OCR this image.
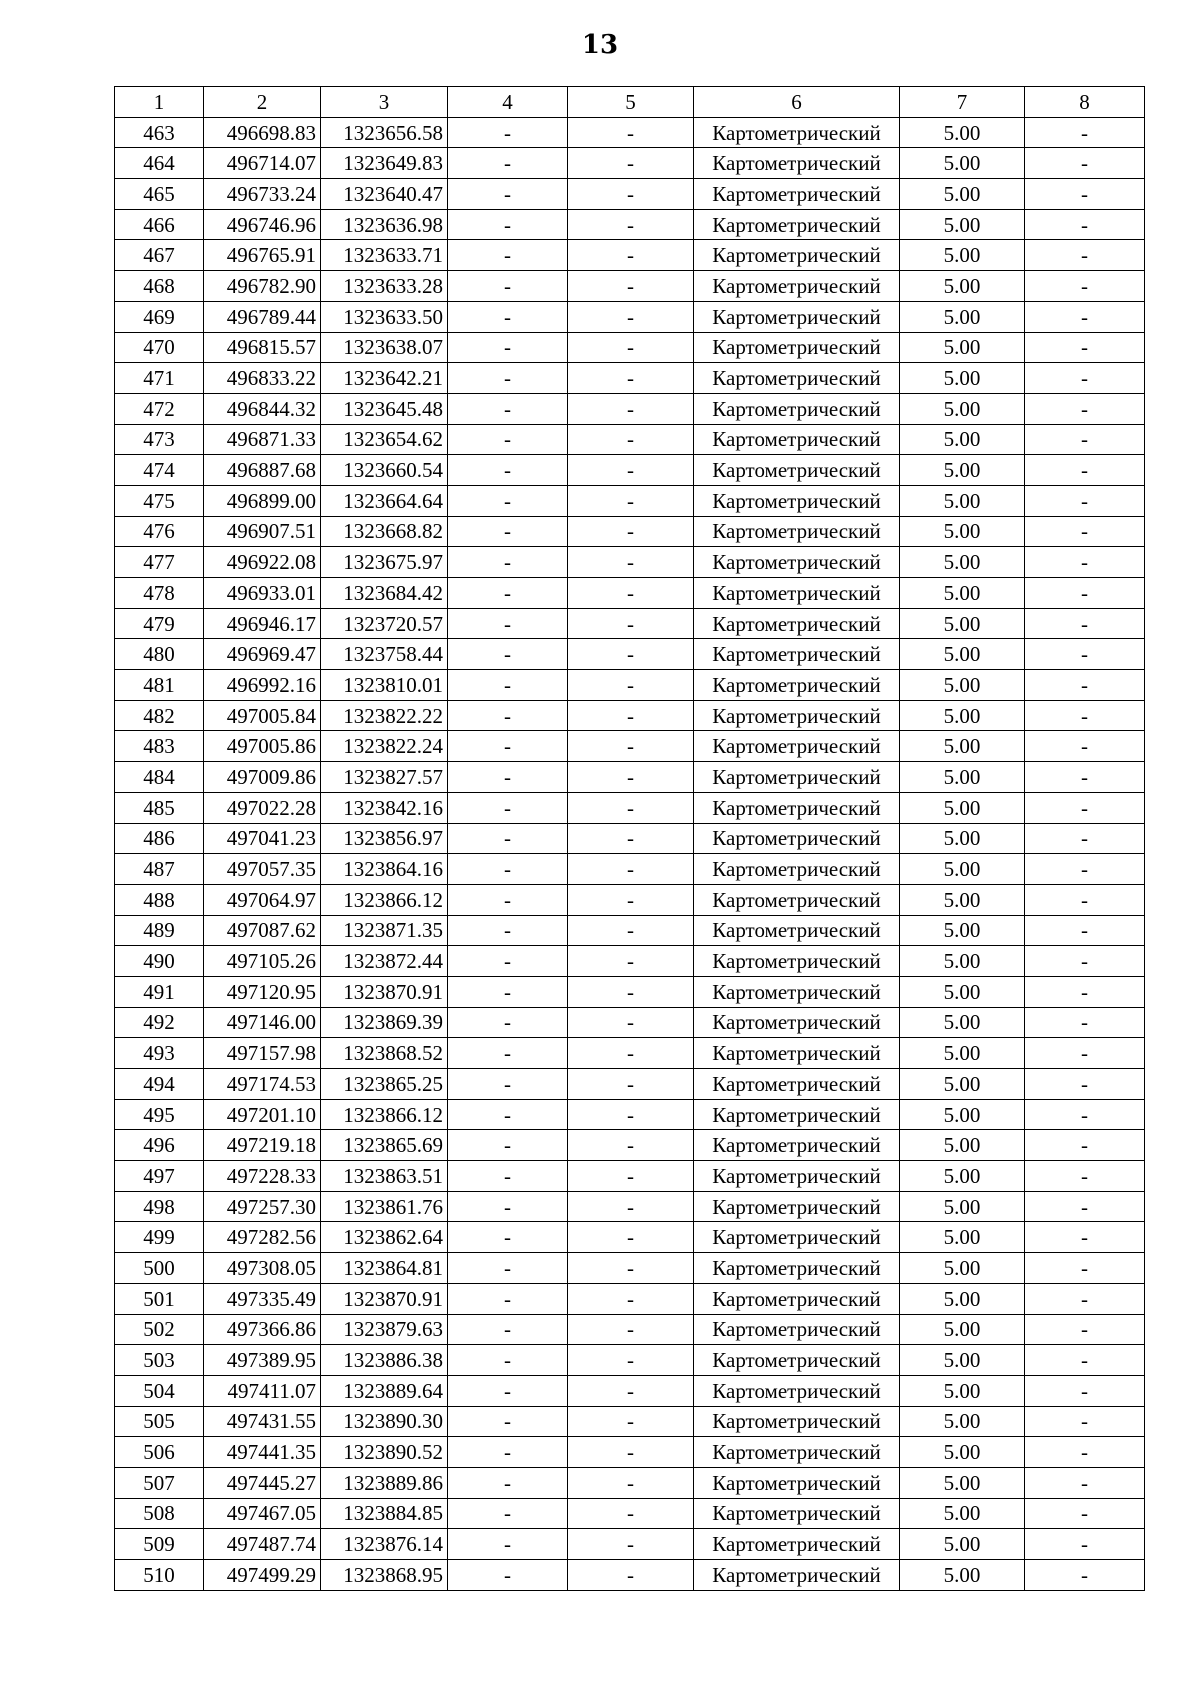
13
1	2	3	4	5	6	7	8
463	496698.83	1323656.58	-	-	Картометрический	5.00	-
464	496714.07	1323649.83	-	-	Картометрический	5.00	-
465	496733.24	1323640.47	-	-	Картометрический	5.00	-
466	496746.96	1323636.98	-	-	Картометрический	5.00	-
467	496765.91	1323633.71	-	-	Картометрический	5.00	-
468	496782.90	1323633.28	-	-	Картометрический	5.00	-
469	496789.44	1323633.50	-	-	Картометрический	5.00	-
470	496815.57	1323638.07	-	-	Картометрический	5.00	-
471	496833.22	1323642.21	-	-	Картометрический	5.00	-
472	496844.32	1323645.48	-	-	Картометрический	5.00	-
473	496871.33	1323654.62	-	-	Картометрический	5.00	-
474	496887.68	1323660.54	-	-	Картометрический	5.00	-
475	496899.00	1323664.64	-	-	Картометрический	5.00	-
476	496907.51	1323668.82	-	-	Картометрический	5.00	-
477	496922.08	1323675.97	-	-	Картометрический	5.00	-
478	496933.01	1323684.42	-	-	Картометрический	5.00	-
479	496946.17	1323720.57	-	-	Картометрический	5.00	-
480	496969.47	1323758.44	-	-	Картометрический	5.00	-
481	496992.16	1323810.01	-	-	Картометрический	5.00	-
482	497005.84	1323822.22	-	-	Картометрический	5.00	-
483	497005.86	1323822.24	-	-	Картометрический	5.00	-
484	497009.86	1323827.57	-	-	Картометрический	5.00	-
485	497022.28	1323842.16	-	-	Картометрический	5.00	-
486	497041.23	1323856.97	-	-	Картометрический	5.00	-
487	497057.35	1323864.16	-	-	Картометрический	5.00	-
488	497064.97	1323866.12	-	-	Картометрический	5.00	-
489	497087.62	1323871.35	-	-	Картометрический	5.00	-
490	497105.26	1323872.44	-	-	Картометрический	5.00	-
491	497120.95	1323870.91	-	-	Картометрический	5.00	-
492	497146.00	1323869.39	-	-	Картометрический	5.00	-
493	497157.98	1323868.52	-	-	Картометрический	5.00	-
494	497174.53	1323865.25	-	-	Картометрический	5.00	-
495	497201.10	1323866.12	-	-	Картометрический	5.00	-
496	497219.18	1323865.69	-	-	Картометрический	5.00	-
497	497228.33	1323863.51	-	-	Картометрический	5.00	-
498	497257.30	1323861.76	-	-	Картометрический	5.00	-
499	497282.56	1323862.64	-	-	Картометрический	5.00	-
500	497308.05	1323864.81	-	-	Картометрический	5.00	-
501	497335.49	1323870.91	-	-	Картометрический	5.00	-
502	497366.86	1323879.63	-	-	Картометрический	5.00	-
503	497389.95	1323886.38	-	-	Картометрический	5.00	-
504	497411.07	1323889.64	-	-	Картометрический	5.00	-
505	497431.55	1323890.30	-	-	Картометрический	5.00	-
506	497441.35	1323890.52	-	-	Картометрический	5.00	-
507	497445.27	1323889.86	-	-	Картометрический	5.00	-
508	497467.05	1323884.85	-	-	Картометрический	5.00	-
509	497487.74	1323876.14	-	-	Картометрический	5.00	-
510	497499.29	1323868.95	-	-	Картометрический	5.00	-
